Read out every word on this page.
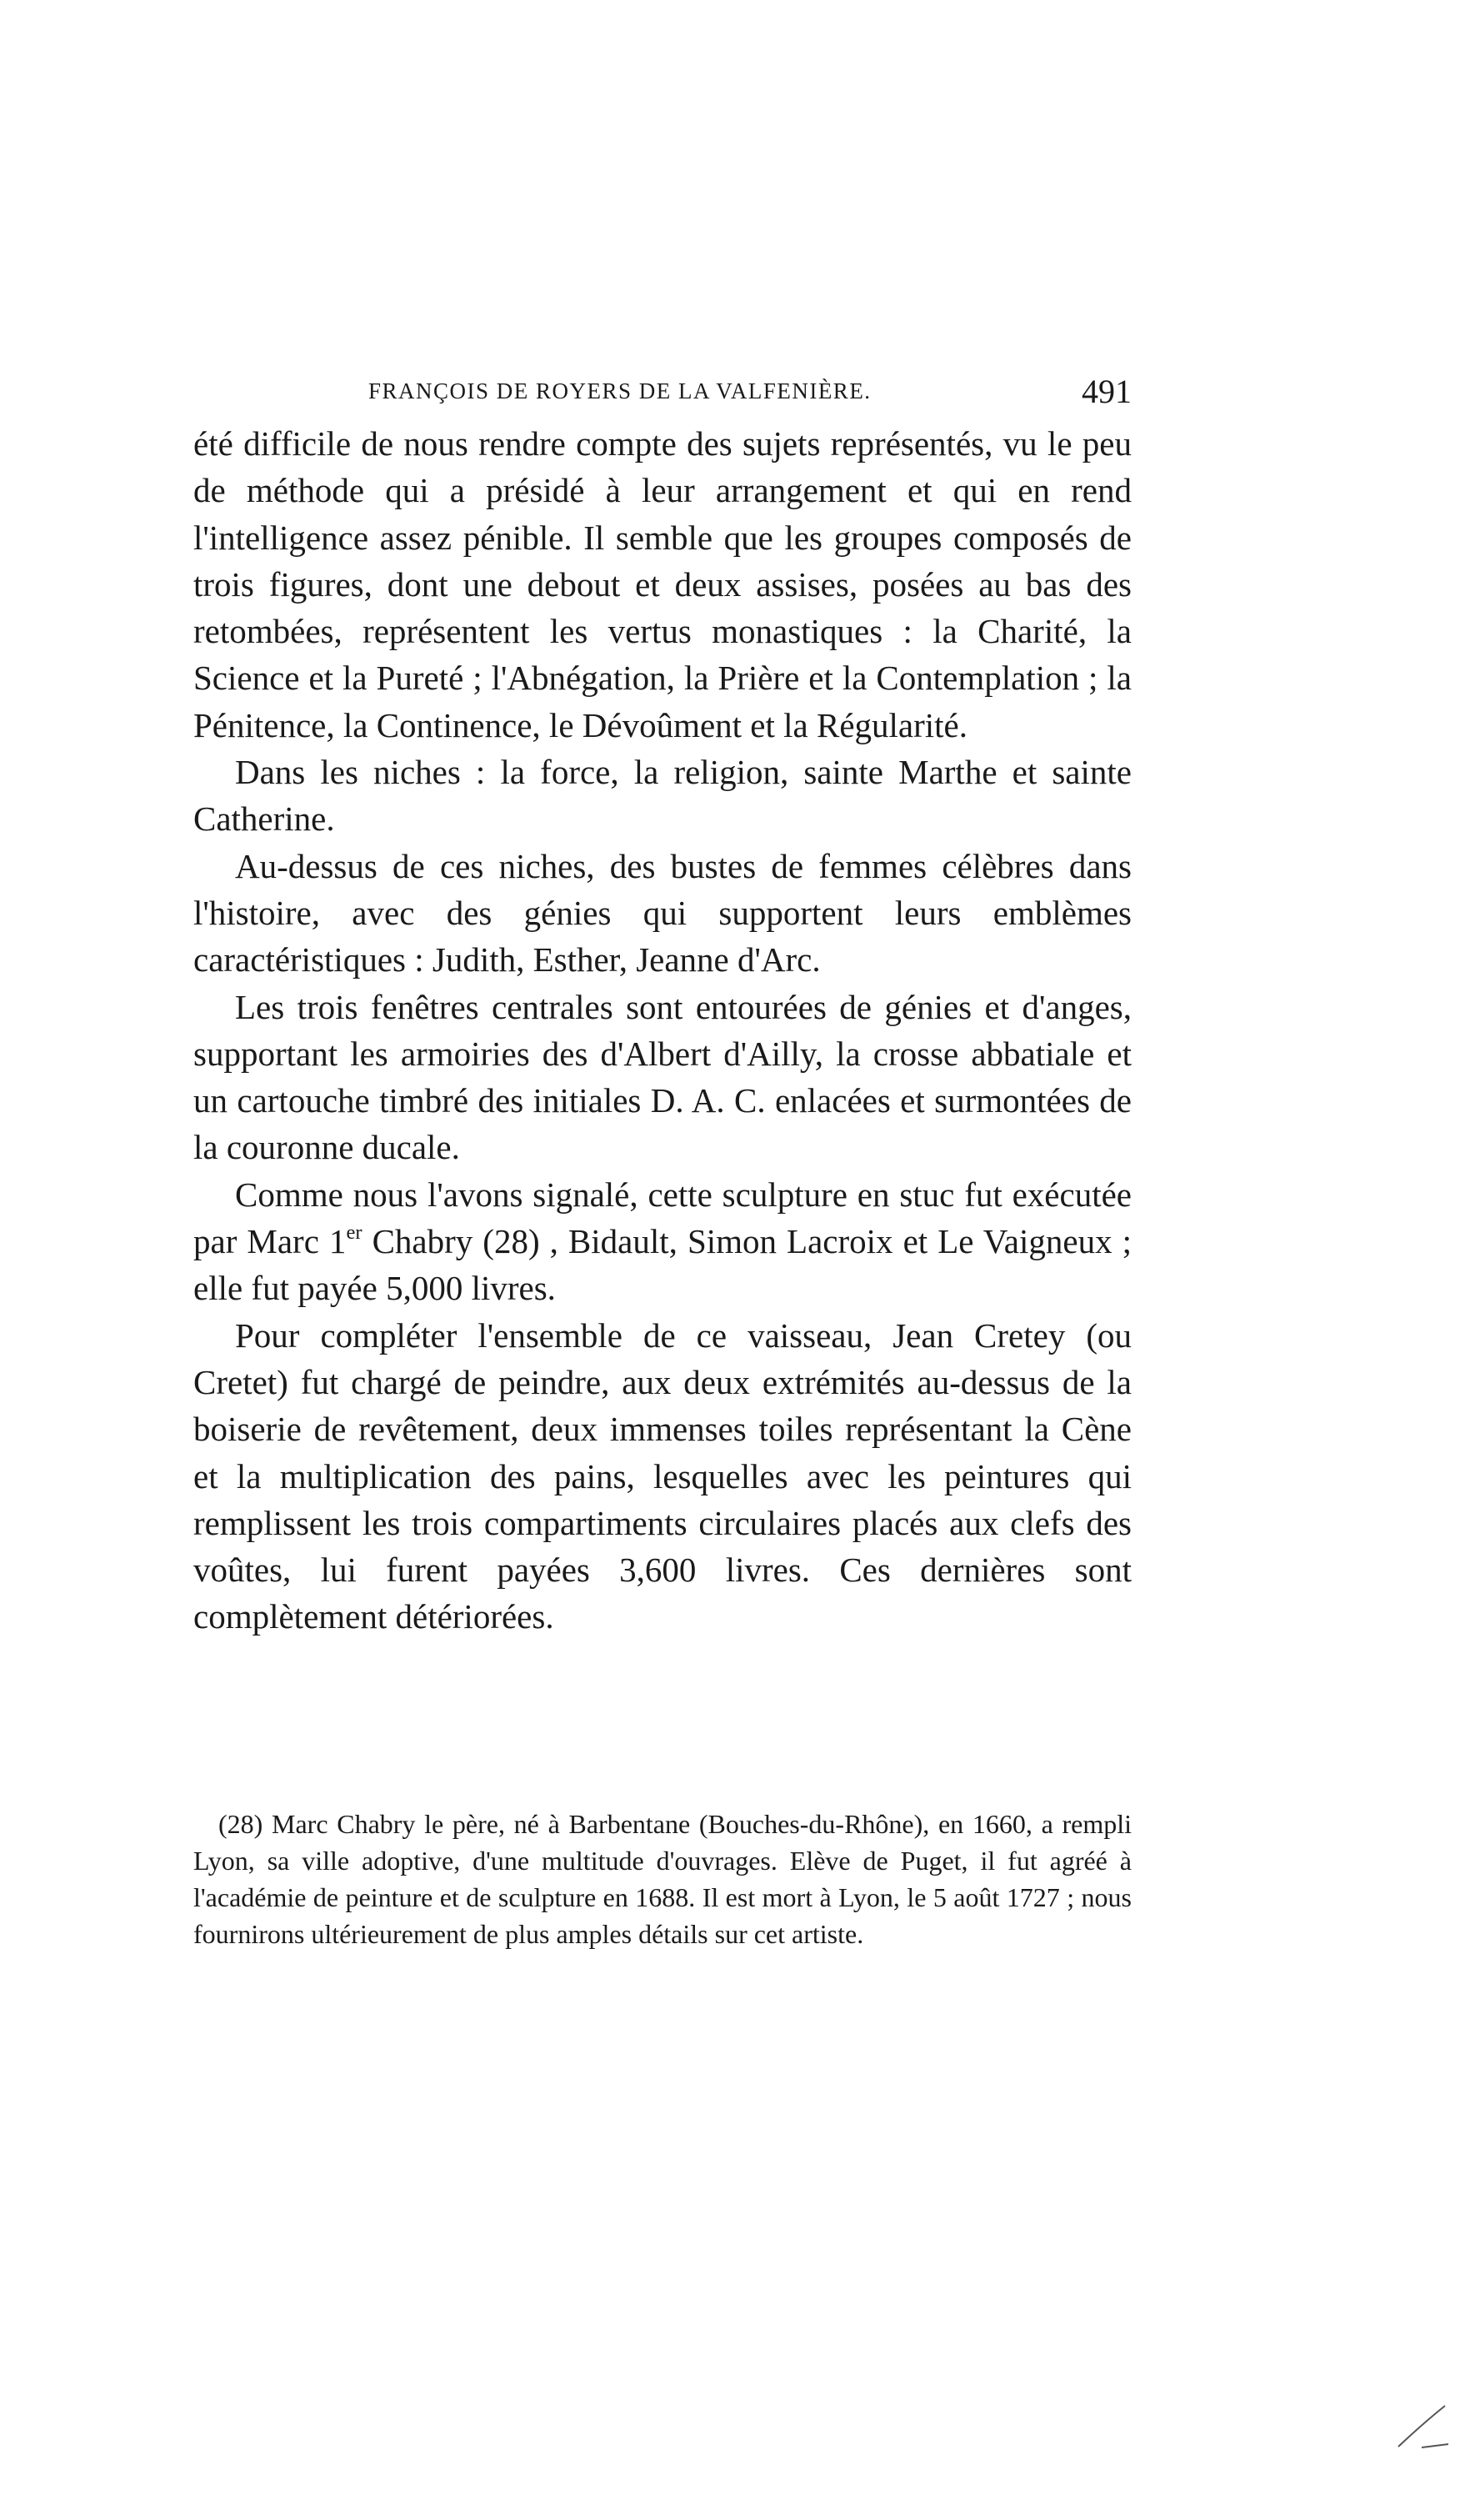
FRANÇOIS DE ROYERS DE LA VALFENIÈRE.	491

été difficile de nous rendre compte des sujets représentés, vu le peu de méthode qui a présidé à leur arrangement et qui en rend l'intelligence assez pénible. Il semble que les groupes composés de trois figures, dont une debout et deux assises, posées au bas des retombées, représentent les vertus monastiques : la Charité, la Science et la Pureté ; l'Abnégation, la Prière et la Contemplation ; la Pénitence, la Continence, le Dévoûment et la Régularité.

Dans les niches : la force, la religion, sainte Marthe et sainte Catherine.

Au-dessus de ces niches, des bustes de femmes célèbres dans l'histoire, avec des génies qui supportent leurs emblèmes caractéristiques : Judith, Esther, Jeanne d'Arc.

Les trois fenêtres centrales sont entourées de génies et d'anges, supportant les armoiries des d'Albert d'Ailly, la crosse abbatiale et un cartouche timbré des initiales D. A. C. enlacées et surmontées de la couronne ducale.

Comme nous l'avons signalé, cette sculpture en stuc fut exécutée par Marc 1er Chabry (28) , Bidault, Simon Lacroix et Le Vaigneux ; elle fut payée 5,000 livres.

Pour compléter l'ensemble de ce vaisseau, Jean Cretey (ou Cretet) fut chargé de peindre, aux deux extrémités au-dessus de la boiserie de revêtement, deux immenses toiles représentant la Cène et la multiplication des pains, lesquelles avec les peintures qui remplissent les trois compartiments circulaires placés aux clefs des voûtes, lui furent payées 3,600 livres. Ces dernières sont complètement détériorées.

(28) Marc Chabry le père, né à Barbentane (Bouches-du-Rhône), en 1660, a rempli Lyon, sa ville adoptive, d'une multitude d'ouvrages. Elève de Puget, il fut agréé à l'académie de peinture et de sculpture en 1688. Il est mort à Lyon, le 5 août 1727 ; nous fournirons ultérieurement de plus amples détails sur cet artiste.
